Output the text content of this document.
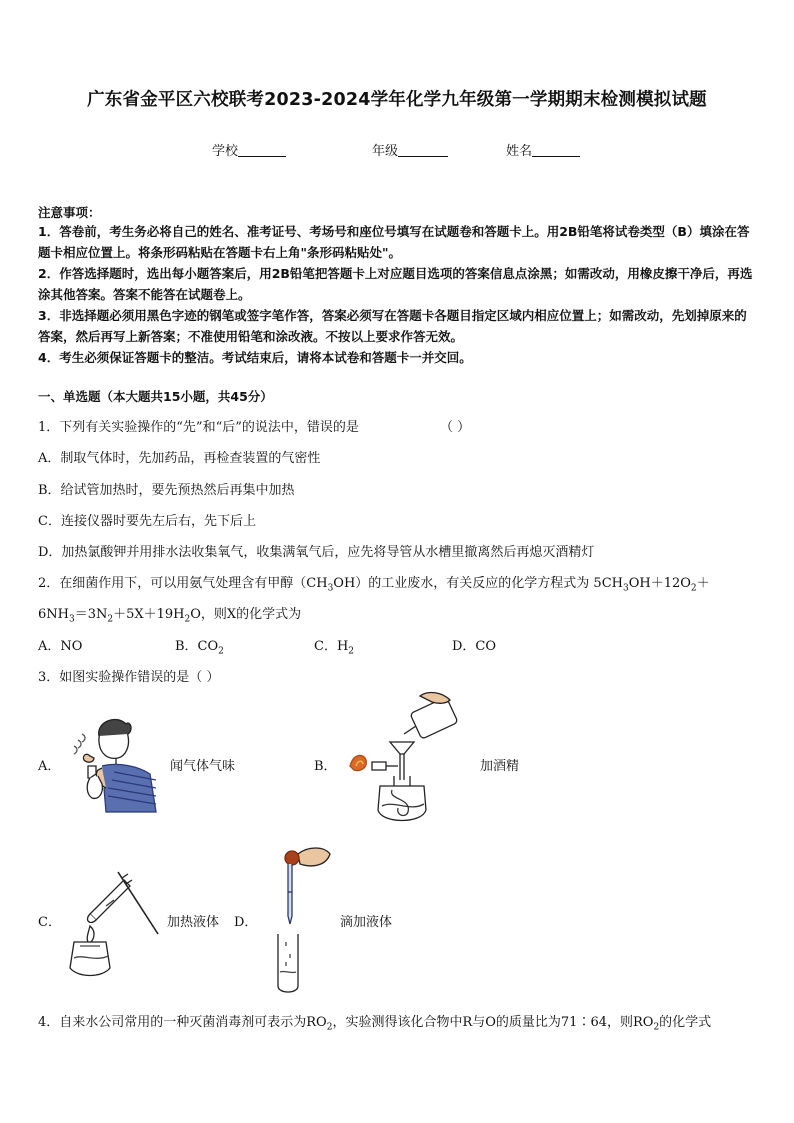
广东省金平区六校联考2023-2024学年化学九年级第一学期期末检测模拟试题
学校	年级	姓名
注意事项：

1．答卷前，考生务必将自己的姓名、准考证号、考场号和座位号填写在试题卷和答题卡上。用2B铅笔将试卷类型（B）填涂在答题卡相应位置上。将条形码粘贴在答题卡右上角"条形码粘贴处"。

2．作答选择题时，选出每小题答案后，用2B铅笔把答题卡上对应题目选项的答案信息点涂黑；如需改动，用橡皮擦干净后，再选涂其他答案。答案不能答在试题卷上。

3．非选择题必须用黑色字迹的钢笔或签字笔作答，答案必须写在答题卡各题目指定区域内相应位置上；如需改动，先划掉原来的答案，然后再写上新答案；不准使用铅笔和涂改液。不按以上要求作答无效。

4．考生必须保证答题卡的整洁。考试结束后，请将本试卷和答题卡一并交回。

一、单选题（本大题共15小题，共45分）
1．下列有关实验操作的“先”和“后”的说法中，错误的是	（ ）
A．制取气体时，先加药品，再检查装置的气密性
B．给试管加热时，要先预热然后再集中加热
C．连接仪器时要先左后右，先下后上
D．加热氯酸钾并用排水法收集氧气，收集满氧气后，应先将导管从水槽里撤离然后再熄灭酒精灯
2．在细菌作用下，可以用氨气处理含有甲醇$(CH_3OH)$的工业废水，有关反应的化学方程式为 $5CH_3OH+12O_2+$
$6NH_3=3N_2+5X+19H_2O$，则X的化学式为
A．NO	B．$CO_2$	C．$H_2$	D．CO
3．如图实验操作错误的是（ ）
A．	闻气体气味	B．	加酒精
C．	加热液体 D．	滴加液体
4．自来水公司常用的一种灭菌消毒剂可表示为$RO_2$，实验测得该化合物中R与O的质量比为71∶64，则$RO_2$的化学式
